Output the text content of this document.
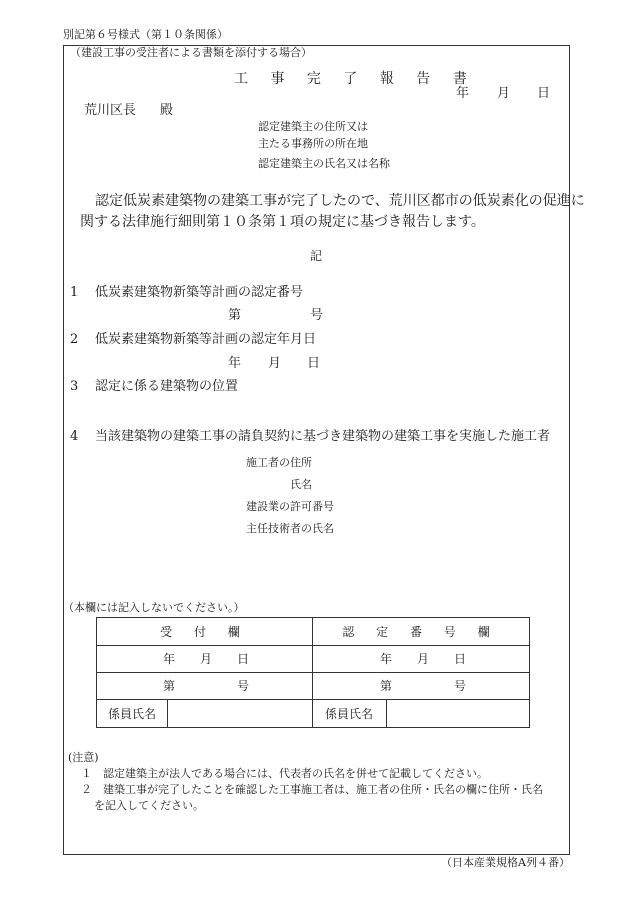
別記第６号様式（第１０条関係）
（建設工事の受注者による書類を添付する場合）
工 事 完 了 報 告 書
年 月 日
荒川区長 殿
認定建築主の住所又は
主たる事務所の所在地
認定建築主の氏名又は名称
認定低炭素建築物の建築工事が完了したので、荒川区都市の低炭素化の促進に
関する法律施行細則第１０条第１項の規定に基づき報告します。
記
1 低炭素建築物新築等計画の認定番号
第	号
2 低炭素建築物新築等計画の認定年月日
年 月 日
3 認定に係る建築物の位置
4 当該建築物の建築工事の請負契約に基づき建築物の建築工事を実施した施工者
施工者の住所
氏名
建設業の許可番号
主任技術者の氏名
（本欄には記入しないでください。）
受 付 欄	認 定 番 号 欄
年 月 日	年 月 日
第	号	第	号
係員氏名	係員氏名
(注意)
１　認定建築主が法人である場合には、代表者の氏名を併せて記載してください。
２　建築工事が完了したことを確認した工事施工者は、施工者の住所・氏名の欄に住所・氏名
を記入してください。
（日本産業規格A列４番）
